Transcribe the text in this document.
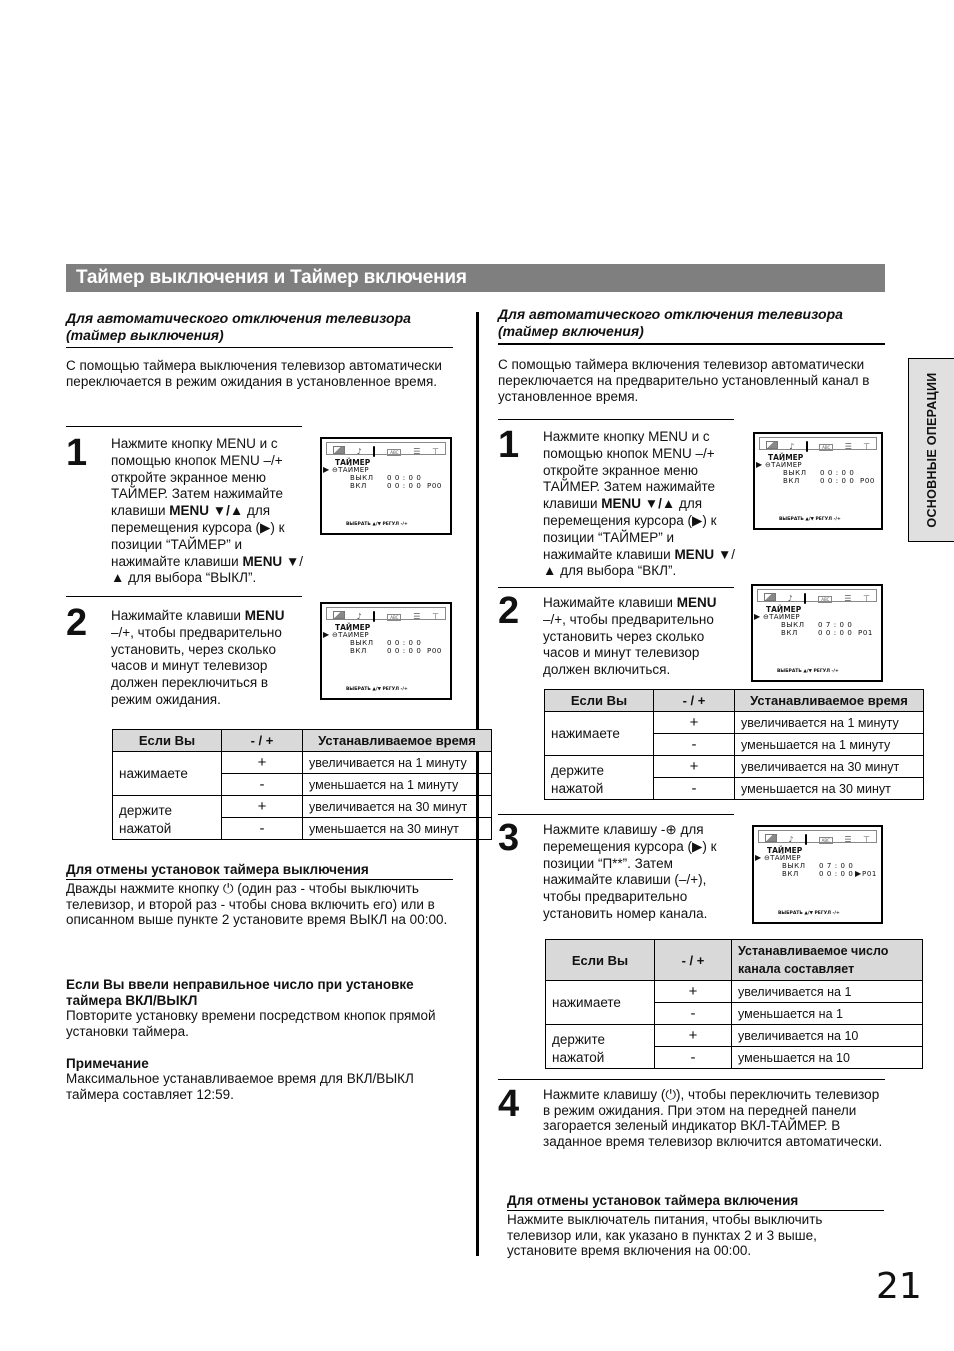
Таймер выключения и Таймер включения
ОСНОВНЫЕ ОПЕРАЦИИ
Для автоматического отключения телевизора
(таймер выключения)
С помощью таймера выключения телевизор автоматически переключается в режим ожидания в установленное время.
1 Нажмите кнопку MENU и с помощью кнопок MENU –/+ откройте экранное меню ТАЙМЕР. Затем нажимайте клавиши MENU ▼/▲ для перемещения курсора (▶) к позиции “ТАЙМЕР” и нажимайте клавиши MENU ▼/▲ для выбора “ВЫКЛ”.
♪	ABC	☰ ⊤
ТАЙМЕР
▶ ⊖ТАЙМЕР
ВЫКЛ 0 0 : 0 0
ВКЛ	0 0 : 0 0 P00
ВЫБРАТЬ ▲/▼ РЕГУЛ -/+
2 Нажимайте клавиши MENU –/+, чтобы предварительно установить, через сколько часов и минут телевизор должен переключиться в режим ожидания.
♪	ABC	☰ ⊤
ТАЙМЕР
▶ ⊖ТАЙМЕР
ВЫКЛ 0 0 : 0 0
ВКЛ	0 0 : 0 0 P00
ВЫБРАТЬ ▲/▼ РЕГУЛ -/+
Если Вы	- / +	Устанавливаемое время
нажимаете	+	увеличивается на 1 минуту
	-	уменьшается на 1 минуту
держите нажатой	+	увеличивается на 30 минут
	-	уменьшается на 30 минут
Для отмены установок таймера выключения
Дважды нажмите кнопку ⏻ (один раз - чтобы выключить телевизор, и второй раз - чтобы снова включить его) или в описанном выше пункте 2 установите время ВЫКЛ на 00:00.
Если Вы ввели неправильное число при установке таймера ВКЛ/ВЫКЛ
Повторите установку времени посредством кнопок прямой установки таймера.
Примечание
Максимальное устанавливаемое время для ВКЛ/ВЫКЛ таймера составляет 12:59.
Для автоматического отключения телевизора
(таймер включения)
С помощью таймера включения телевизор автоматически переключается на предварительно установленный канал в установленное время.
1 Нажмите кнопку MENU и с помощью кнопок MENU –/+ откройте экранное меню ТАЙМЕР. Затем нажимайте клавиши MENU ▼/▲ для перемещения курсора (▶) к позиции “ТАЙМЕР” и нажимайте клавиши MENU ▼/▲ для выбора “ВКЛ”.
♪	ABC	☰ ⊤
ТАЙМЕР
▶ ⊖ТАЙМЕР
ВЫКЛ 0 0 : 0 0
ВКЛ	0 0 : 0 0 P00
ВЫБРАТЬ ▲/▼ РЕГУЛ -/+
2 Нажимайте клавиши MENU –/+, чтобы предварительно установить через сколько часов и минут телевизор должен включиться.
♪	ABC	☰ ⊤
ТАЙМЕР
▶ ⊖ТАЙМЕР
ВЫКЛ 0 7 : 0 0
ВКЛ	0 0 : 0 0 P01
ВЫБРАТЬ ▲/▼ РЕГУЛ -/+
Если Вы	- / +	Устанавливаемое время
нажимаете	+	увеличивается на 1 минуту
	-	уменьшается на 1 минуту
держите нажатой	+	увеличивается на 30 минут
	-	уменьшается на 30 минут
3 Нажмите клавишу -⊕ для перемещения курсора (▶) к позиции “П**”. Затем нажимайте клавиши (–/+), чтобы предварительно установить номер канала.
♪	ABC	☰ ⊤
ТАЙМЕР
▶ ⊖ТАЙМЕР
ВЫКЛ 0 7 : 0 0
ВКЛ	0 0 : 0 0 ▶ P01
ВЫБРАТЬ ▲/▼ РЕГУЛ -/+
Если Вы	- / +	Устанавливаемое число канала составляет
нажимаете	+	увеличивается на 1
	-	уменьшается на 1
держите нажатой	+	увеличивается на 10
	-	уменьшается на 10
4 Нажмите клавишу (⏻), чтобы переключить телевизор в режим ожидания. При этом на передней панели загорается зеленый индикатор ВКЛ-ТАЙМЕР. В заданное время телевизор включится автоматически.
Для отмены установок таймера включения
Нажмите выключатель питания, чтобы выключить телевизор или, как указано в пунктах 2 и 3 выше, установите время включения на 00:00.
21
